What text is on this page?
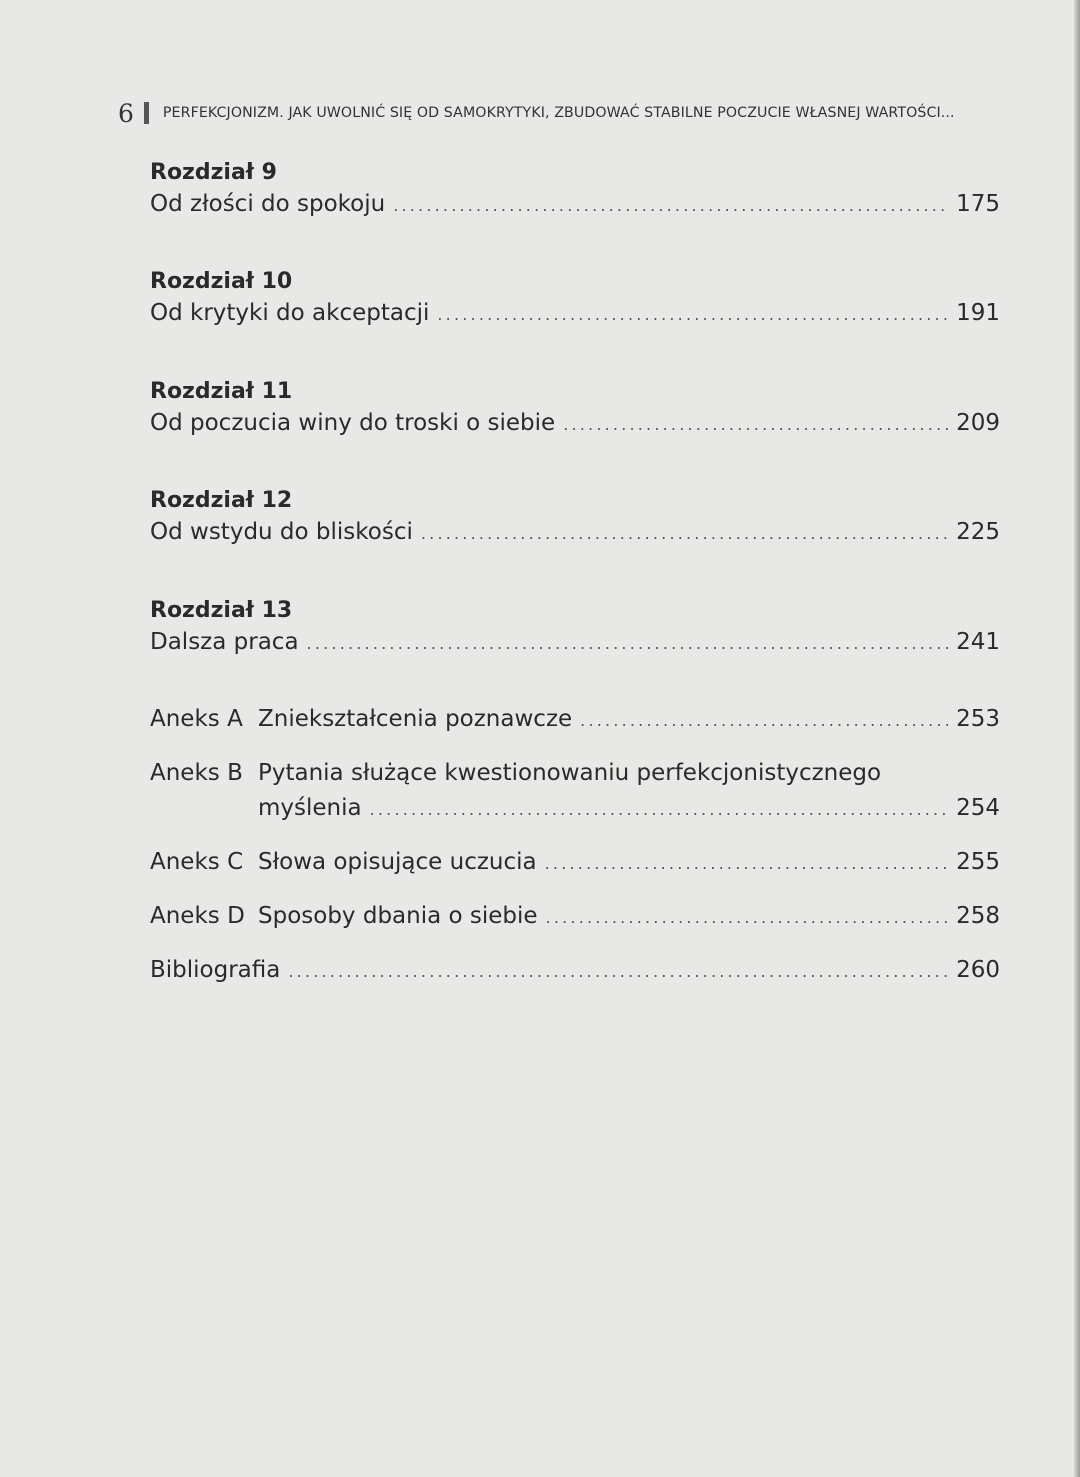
6 PERFEKCJONIZM. JAK UWOLNIĆ SIĘ OD SAMOKRYTYKI, ZBUDOWAĆ STABILNE POCZUCIE WŁASNEJ WARTOŚCI...
Rozdział 9
Od złości do spokoju .....	175
Rozdział 10
Od krytyki do akceptacji .....	191
Rozdział 11
Od poczucia winy do troski o siebie .....	209
Rozdział 12
Od wstydu do bliskości .....	225
Rozdział 13
Dalsza praca .....	241
Aneks A Zniekształcenia poznawcze .....	253
Aneks B Pytania służące kwestionowaniu perfekcjonistycznego
myślenia .....	254
Aneks C Słowa opisujące uczucia .....	255
Aneks D Sposoby dbania o siebie .....	258
Bibliografia .....	260
